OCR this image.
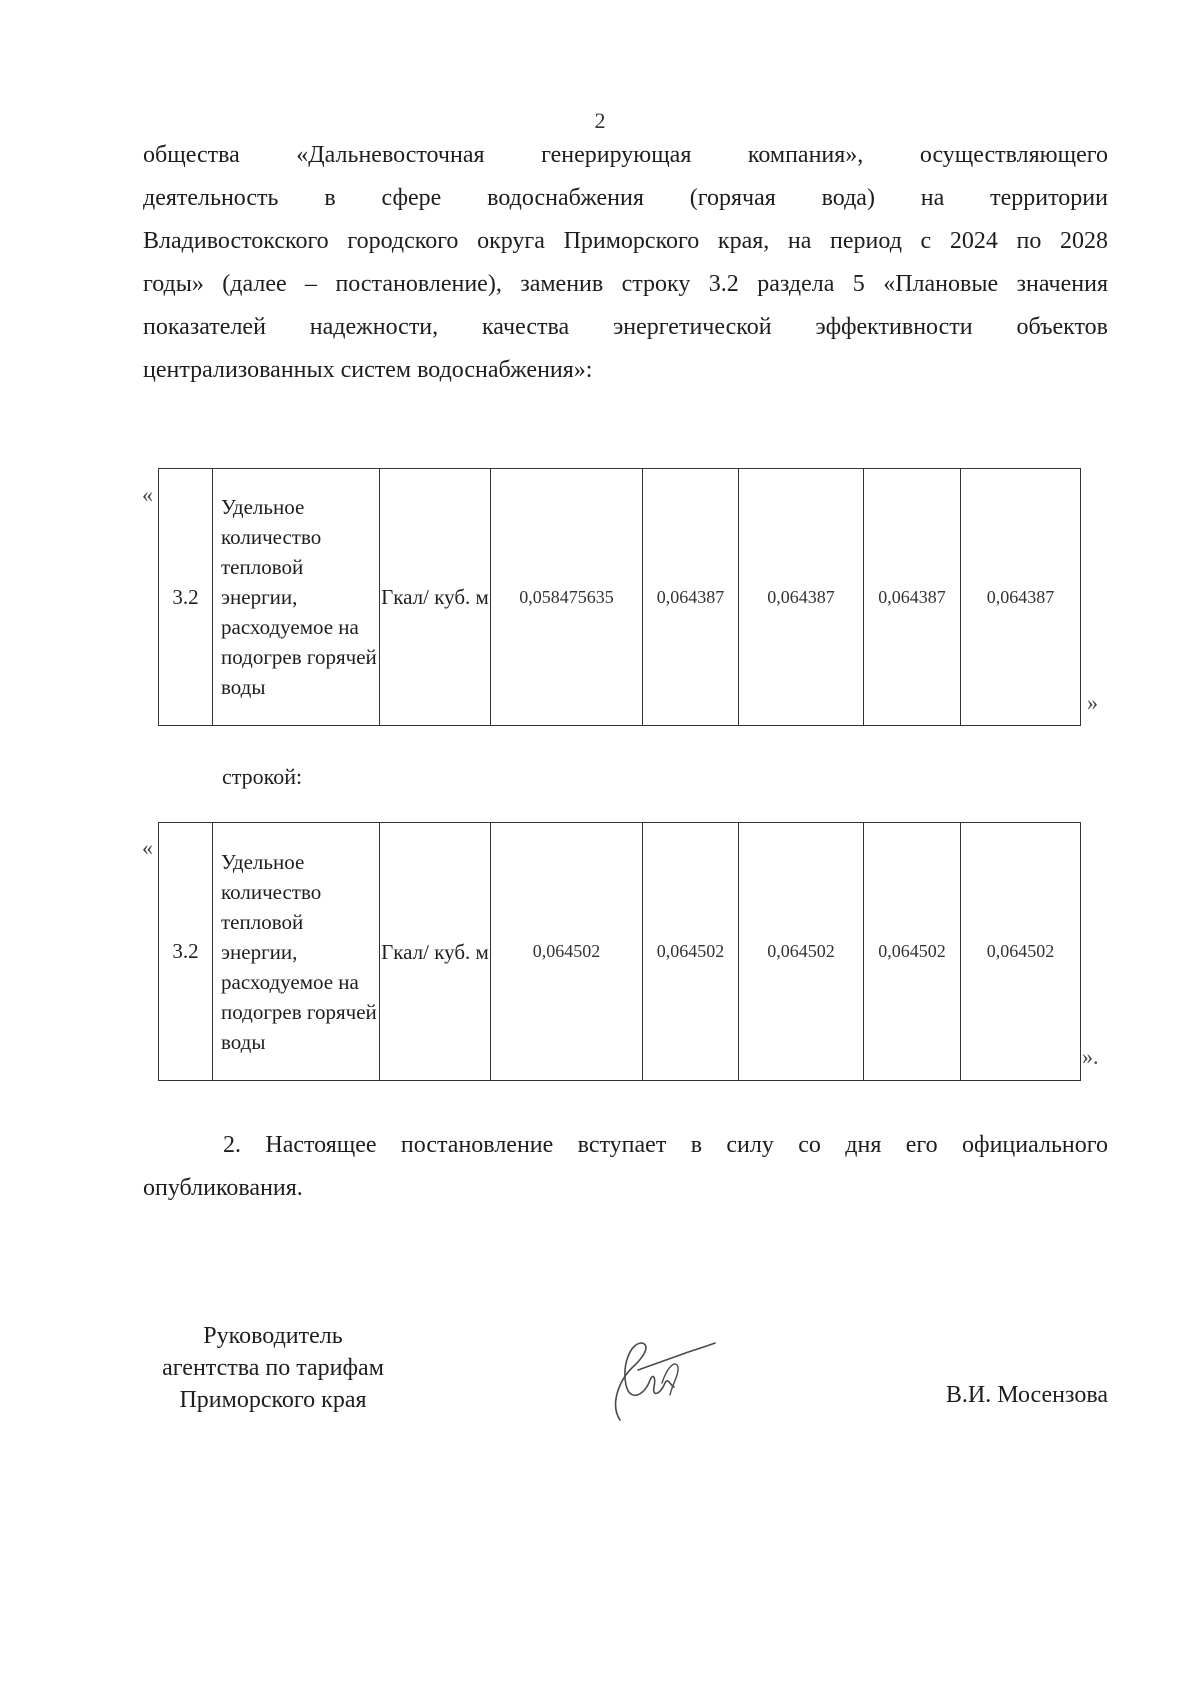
2
общества «Дальневосточная генерирующая компания», осуществляющего
деятельность в сфере водоснабжения (горячая вода) на территории
Владивостокского городского округа Приморского края, на период с 2024 по 2028
годы» (далее – постановление), заменив строку 3.2 раздела 5 «Плановые значения
показателей надежности, качества энергетической эффективности объектов
централизованных систем водоснабжения»:
«
3.2	Удельное количество тепловой энергии, расходуемое на подогрев горячей воды	Гкал/ куб. м	0,058475635	0,064387	0,064387	0,064387	0,064387
»
строкой:
«
3.2	Удельное количество тепловой энергии, расходуемое на подогрев горячей воды	Гкал/ куб. м	0,064502	0,064502	0,064502	0,064502	0,064502
».
2. Настоящее постановление вступает в силу со дня его официального
опубликования.
Руководитель
агентства по тарифам
Приморского края	В.И. Мосензова
